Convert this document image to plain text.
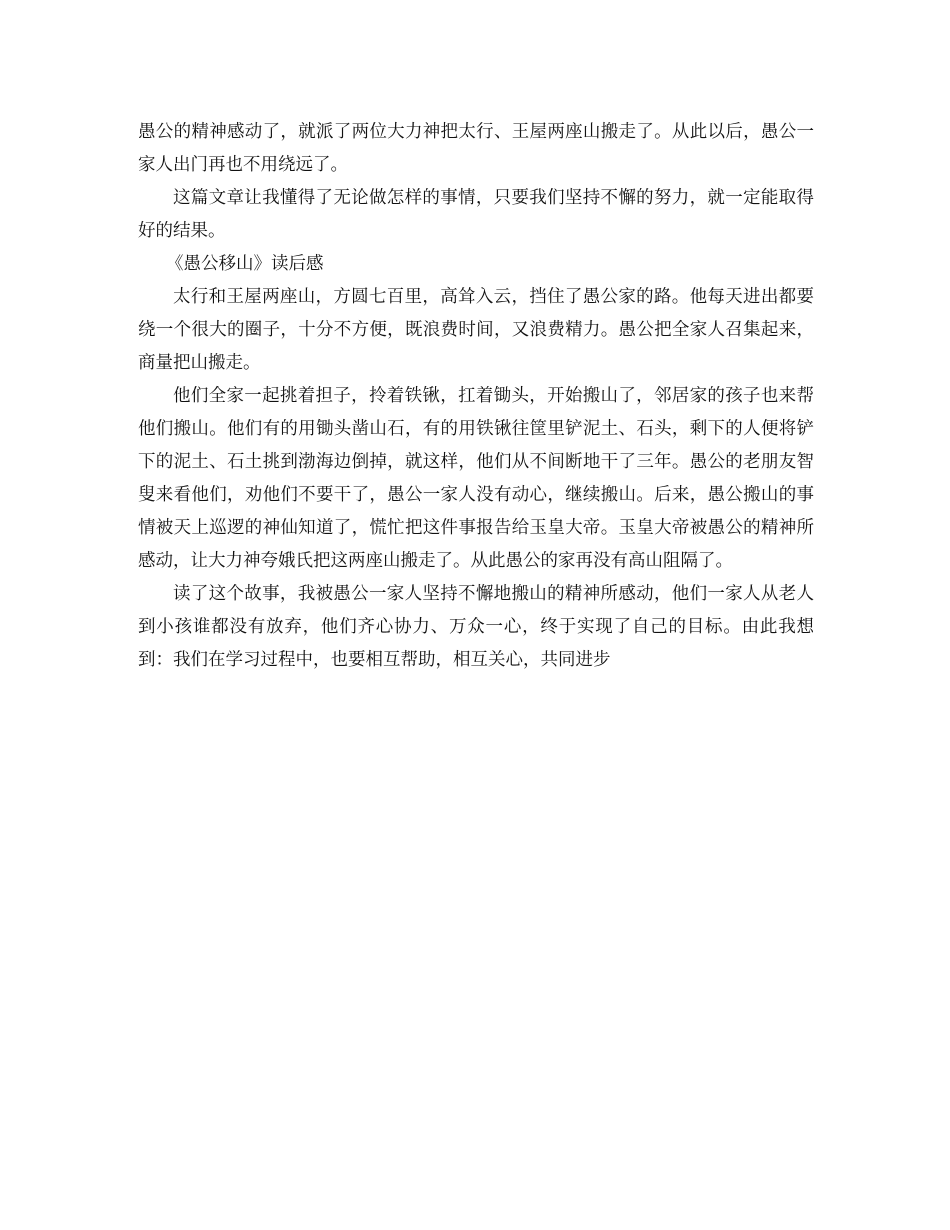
愚公的精神感动了，就派了两位大力神把太行、王屋两座山搬走了。从此以后，愚公一家人出门再也不用绕远了。

这篇文章让我懂得了无论做怎样的事情，只要我们坚持不懈的努力，就一定能取得好的结果。

《愚公移山》读后感

太行和王屋两座山，方圆七百里，高耸入云，挡住了愚公家的路。他每天进出都要绕一个很大的圈子，十分不方便，既浪费时间，又浪费精力。愚公把全家人召集起来，商量把山搬走。

他们全家一起挑着担子，拎着铁锹，扛着锄头，开始搬山了，邻居家的孩子也来帮他们搬山。他们有的用锄头凿山石，有的用铁锹往筐里铲泥土、石头，剩下的人便将铲下的泥土、石土挑到渤海边倒掉，就这样，他们从不间断地干了三年。愚公的老朋友智叟来看他们，劝他们不要干了，愚公一家人没有动心，继续搬山。后来，愚公搬山的事情被天上巡逻的神仙知道了，慌忙把这件事报告给玉皇大帝。玉皇大帝被愚公的精神所感动，让大力神夸娥氏把这两座山搬走了。从此愚公的家再没有高山阻隔了。

读了这个故事，我被愚公一家人坚持不懈地搬山的精神所感动，他们一家人从老人到小孩谁都没有放弃，他们齐心协力、万众一心，终于实现了自己的目标。由此我想到：我们在学习过程中，也要相互帮助，相互关心，共同进步
